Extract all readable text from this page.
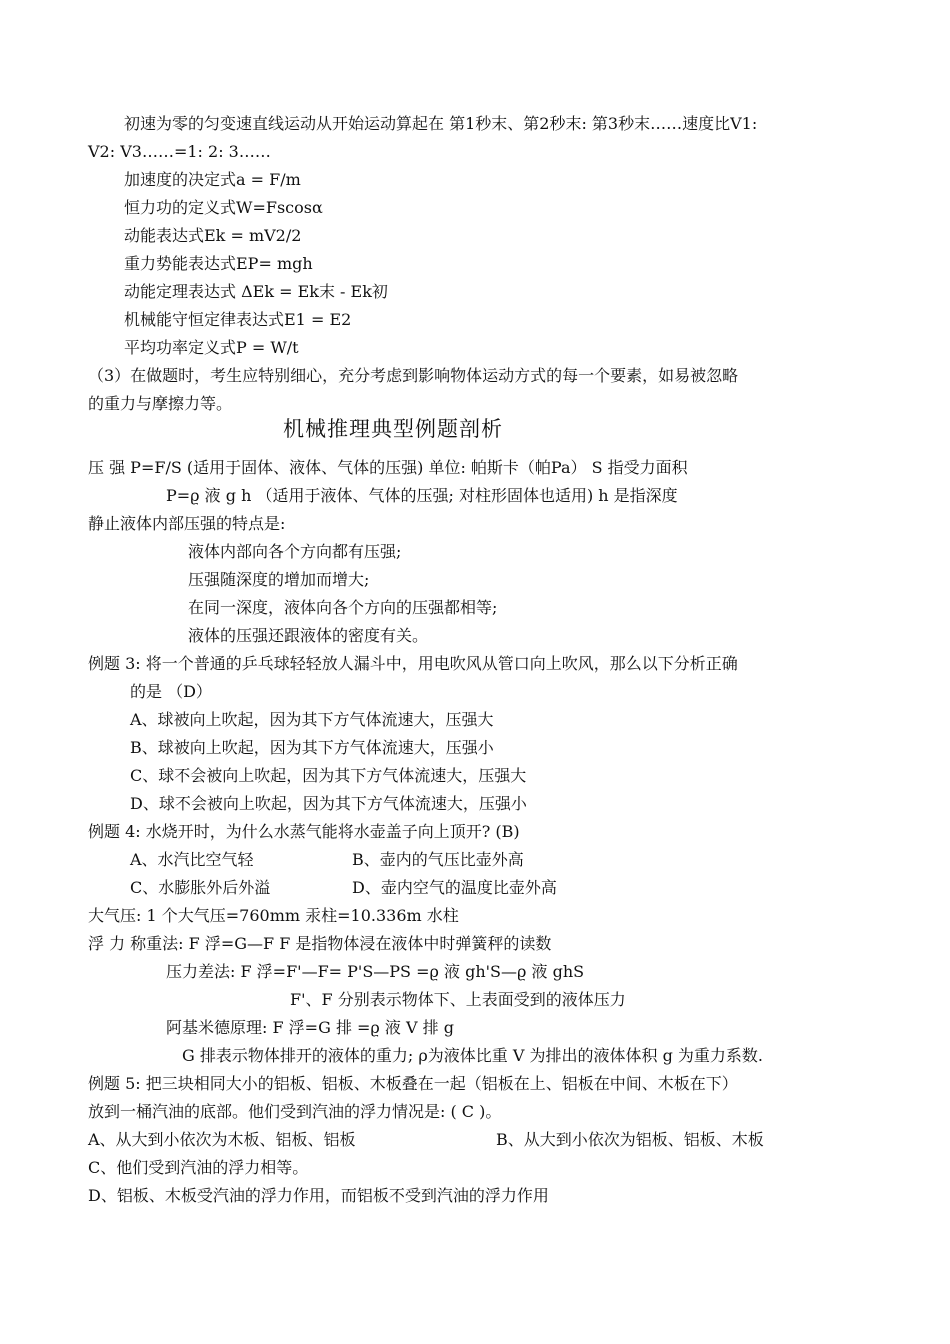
初速为零的匀变速直线运动从开始运动算起在 第1秒末、第2秒末: 第3秒末……速度比V1:
V2: V3……=1: 2: 3……
加速度的决定式a = F/m
恒力功的定义式W=Fscosα
动能表达式Ek = mV2/2
重力势能表达式EP= mgh
动能定理表达式 ΔEk = Ek末 - Ek初
机械能守恒定律表达式E1 = E2
平均功率定义式P = W/t
（3）在做题时，考生应特别细心，充分考虑到影响物体运动方式的每一个要素，如易被忽略
的重力与摩擦力等。
机械推理典型例题剖析
压 强 P=F/S (适用于固体、液体、气体的压强) 单位: 帕斯卡（帕Pa） S 指受力面积
P=ϱ 液 g h （适用于液体、气体的压强; 对柱形固体也适用) h 是指深度
静止液体内部压强的特点是:
液体内部向各个方向都有压强;
压强随深度的增加而增大;
在同一深度，液体向各个方向的压强都相等;
液体的压强还跟液体的密度有关。
例题 3: 将一个普通的乒乓球轻轻放人漏斗中，用电吹风从管口向上吹风，那么以下分析正确
的是 （D）
A、球被向上吹起，因为其下方气体流速大，压强大
B、球被向上吹起，因为其下方气体流速大，压强小
C、球不会被向上吹起，因为其下方气体流速大，压强大
D、球不会被向上吹起，因为其下方气体流速大，压强小
例题 4: 水烧开时，为什么水蒸气能将水壶盖子向上顶开? (B)
A、水汽比空气轻	B、壶内的气压比壶外高
C、水膨胀外后外溢	D、壶内空气的温度比壶外高
大气压: 1 个大气压=760mm 汞柱=10.336m 水柱
浮 力 称重法: F 浮=G—F F 是指物体浸在液体中时弹簧秤的读数
压力差法: F 浮=F'—F= P'S—PS =ϱ 液 gh'S—ϱ 液 ghS
F'、F 分别表示物体下、上表面受到的液体压力
阿基米德原理: F 浮=G 排 =ϱ 液 V 排 g
G 排表示物体排开的液体的重力; ρ为液体比重 V 为排出的液体体积 g 为重力系数.
例题 5: 把三块相同大小的铝板、铝板、木板叠在一起（铝板在上、铝板在中间、木板在下）
放到一桶汽油的底部。他们受到汽油的浮力情况是: ( C )。
A、从大到小依次为木板、铝板、铝板	B、从大到小依次为铝板、铝板、木板
C、他们受到汽油的浮力相等。
D、铝板、木板受汽油的浮力作用，而铝板不受到汽油的浮力作用
